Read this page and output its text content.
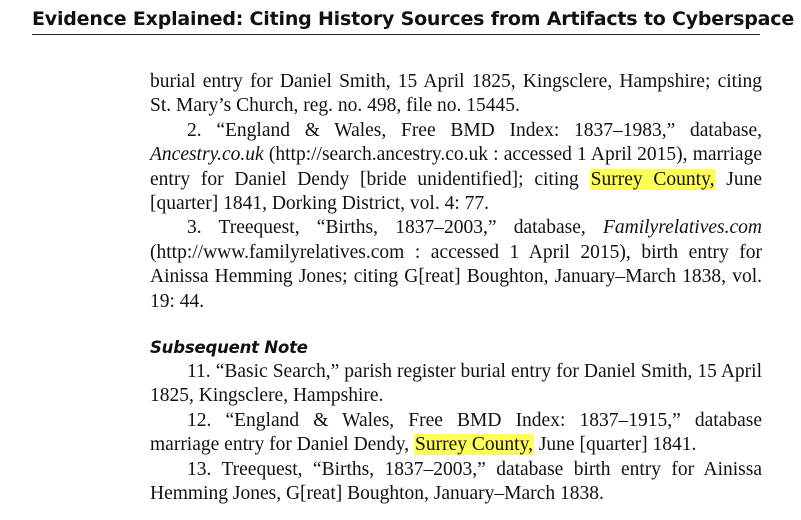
Evidence Explained: Citing History Sources from Artifacts to Cyberspace

burial entry for Daniel Smith, 15 April 1825, Kingsclere, Hampshire; citing St. Mary’s Church, reg. no. 498, file no. 15445.

2. “England & Wales, Free BMD Index: 1837–1983,” database, Ancestry.co.uk (http://search.ancestry.co.uk : accessed 1 April 2015), marriage entry for Daniel Dendy [bride unidentified]; citing Surrey County, June [quarter] 1841, Dorking District, vol. 4: 77.

3. Treequest, “Births, 1837–2003,” database, Familyrelatives.com (http://www.familyrelatives.com : accessed 1 April 2015), birth entry for Ainissa Hemming Jones; citing G[reat] Boughton, January–March 1838, vol. 19: 44.

Subsequent Note

11. “Basic Search,” parish register burial entry for Daniel Smith, 15 April 1825, Kingsclere, Hampshire.

12. “England & Wales, Free BMD Index: 1837–1915,” database marriage entry for Daniel Dendy, Surrey County, June [quarter] 1841.

13. Treequest, “Births, 1837–2003,” database birth entry for Ainissa Hemming Jones, G[reat] Boughton, January–March 1838.
